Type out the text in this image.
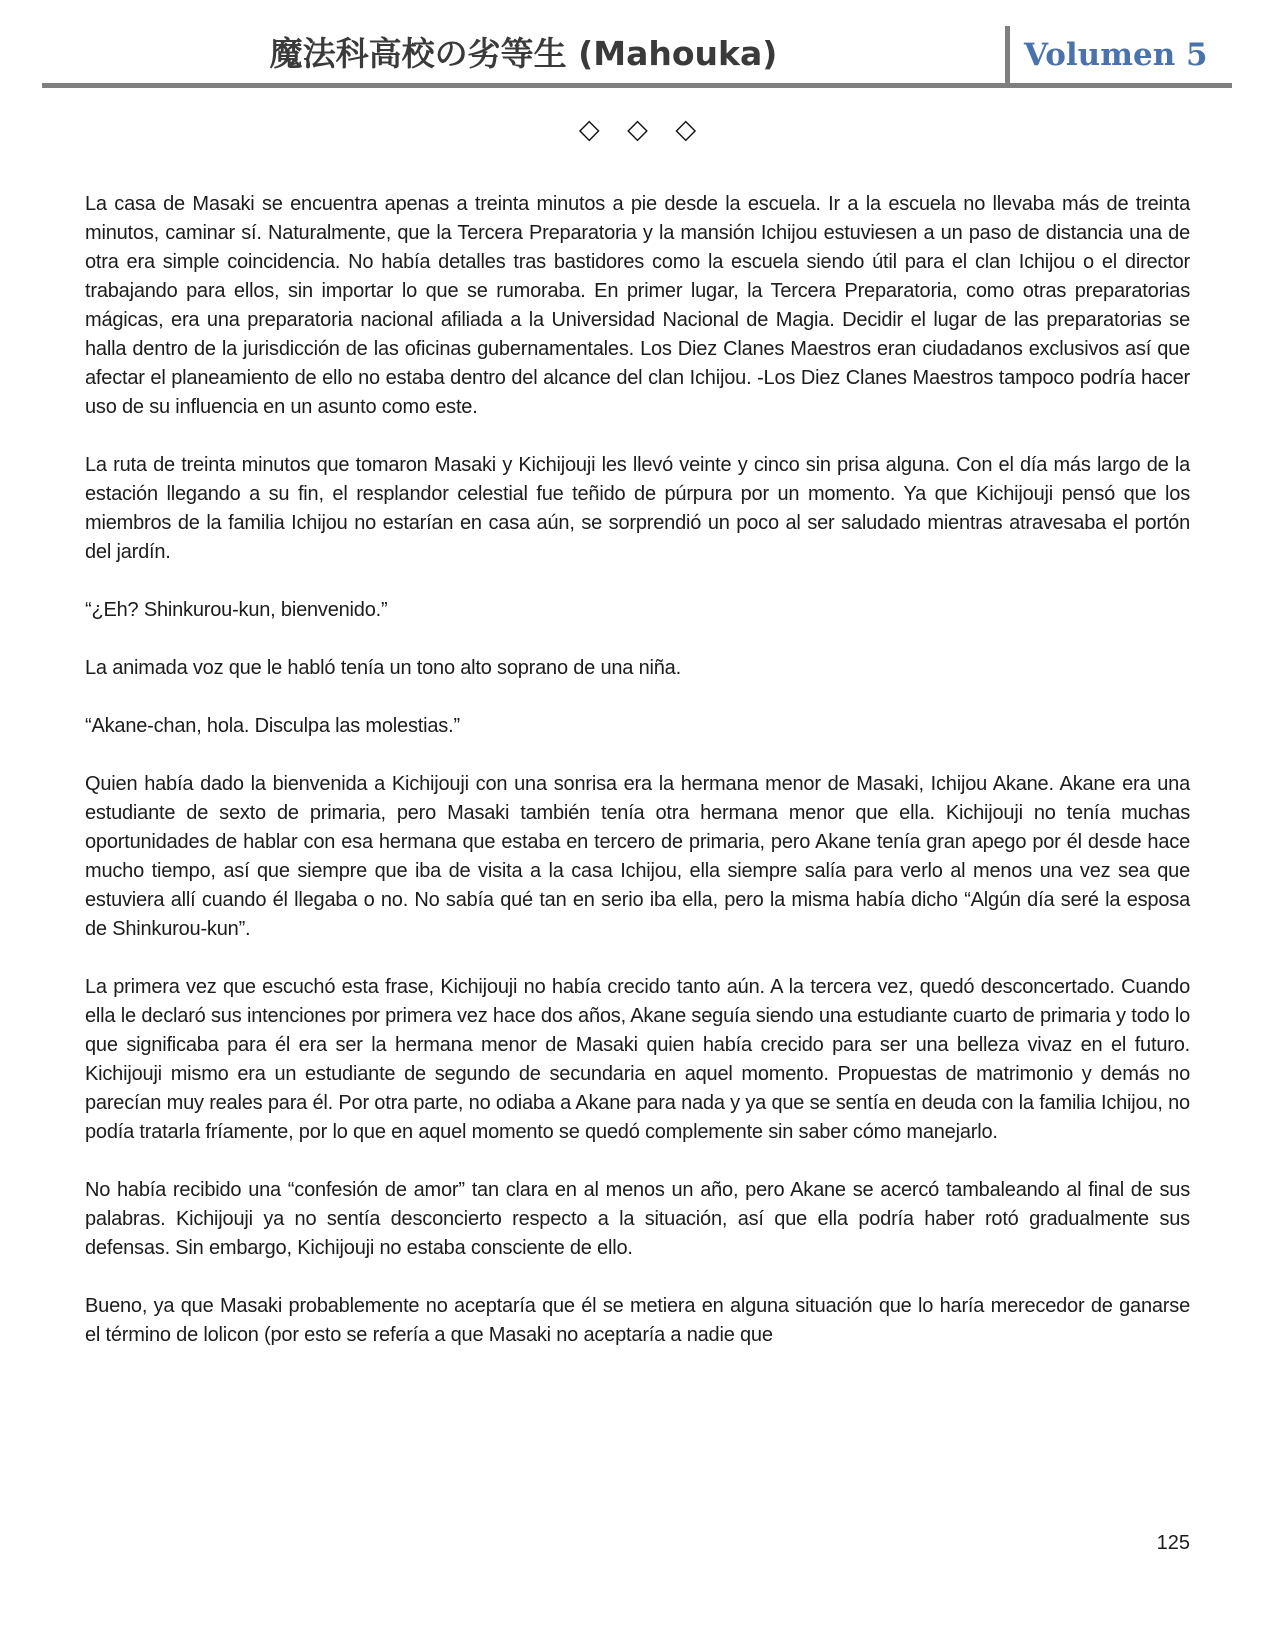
魔法科高校の劣等生 (Mahouka)	Volumen 5
◇ ◇ ◇

La casa de Masaki se encuentra apenas a treinta minutos a pie desde la escuela. Ir a la escuela no llevaba más de treinta minutos, caminar sí. Naturalmente, que la Tercera Preparatoria y la mansión Ichijou estuviesen a un paso de distancia una de otra era simple coincidencia. No había detalles tras bastidores como la escuela siendo útil para el clan Ichijou o el director trabajando para ellos, sin importar lo que se rumoraba. En primer lugar, la Tercera Preparatoria, como otras preparatorias mágicas, era una preparatoria nacional afiliada a la Universidad Nacional de Magia. Decidir el lugar de las preparatorias se halla dentro de la jurisdicción de las oficinas gubernamentales. Los Diez Clanes Maestros eran ciudadanos exclusivos así que afectar el planeamiento de ello no estaba dentro del alcance del clan Ichijou. -Los Diez Clanes Maestros tampoco podría hacer uso de su influencia en un asunto como este.

La ruta de treinta minutos que tomaron Masaki y Kichijouji les llevó veinte y cinco sin prisa alguna. Con el día más largo de la estación llegando a su fin, el resplandor celestial fue teñido de púrpura por un momento. Ya que Kichijouji pensó que los miembros de la familia Ichijou no estarían en casa aún, se sorprendió un poco al ser saludado mientras atravesaba el portón del jardín.

“¿Eh? Shinkurou-kun, bienvenido.”

La animada voz que le habló tenía un tono alto soprano de una niña.

“Akane-chan, hola. Disculpa las molestias.”

Quien había dado la bienvenida a Kichijouji con una sonrisa era la hermana menor de Masaki, Ichijou Akane. Akane era una estudiante de sexto de primaria, pero Masaki también tenía otra hermana menor que ella. Kichijouji no tenía muchas oportunidades de hablar con esa hermana que estaba en tercero de primaria, pero Akane tenía gran apego por él desde hace mucho tiempo, así que siempre que iba de visita a la casa Ichijou, ella siempre salía para verlo al menos una vez sea que estuviera allí cuando él llegaba o no. No sabía qué tan en serio iba ella, pero la misma había dicho “Algún día seré la esposa de Shinkurou-kun”.

La primera vez que escuchó esta frase, Kichijouji no había crecido tanto aún. A la tercera vez, quedó desconcertado. Cuando ella le declaró sus intenciones por primera vez hace dos años, Akane seguía siendo una estudiante cuarto de primaria y todo lo que significaba para él era ser la hermana menor de Masaki quien había crecido para ser una belleza vivaz en el futuro. Kichijouji mismo era un estudiante de segundo de secundaria en aquel momento. Propuestas de matrimonio y demás no parecían muy reales para él. Por otra parte, no odiaba a Akane para nada y ya que se sentía en deuda con la familia Ichijou, no podía tratarla fríamente, por lo que en aquel momento se quedó complemente sin saber cómo manejarlo.

No había recibido una “confesión de amor” tan clara en al menos un año, pero Akane se acercó tambaleando al final de sus palabras. Kichijouji ya no sentía desconcierto respecto a la situación, así que ella podría haber rotó gradualmente sus defensas. Sin embargo, Kichijouji no estaba consciente de ello.

Bueno, ya que Masaki probablemente no aceptaría que él se metiera en alguna situación que lo haría merecedor de ganarse el término de lolicon (por esto se refería a que Masaki no aceptaría a nadie que

125
